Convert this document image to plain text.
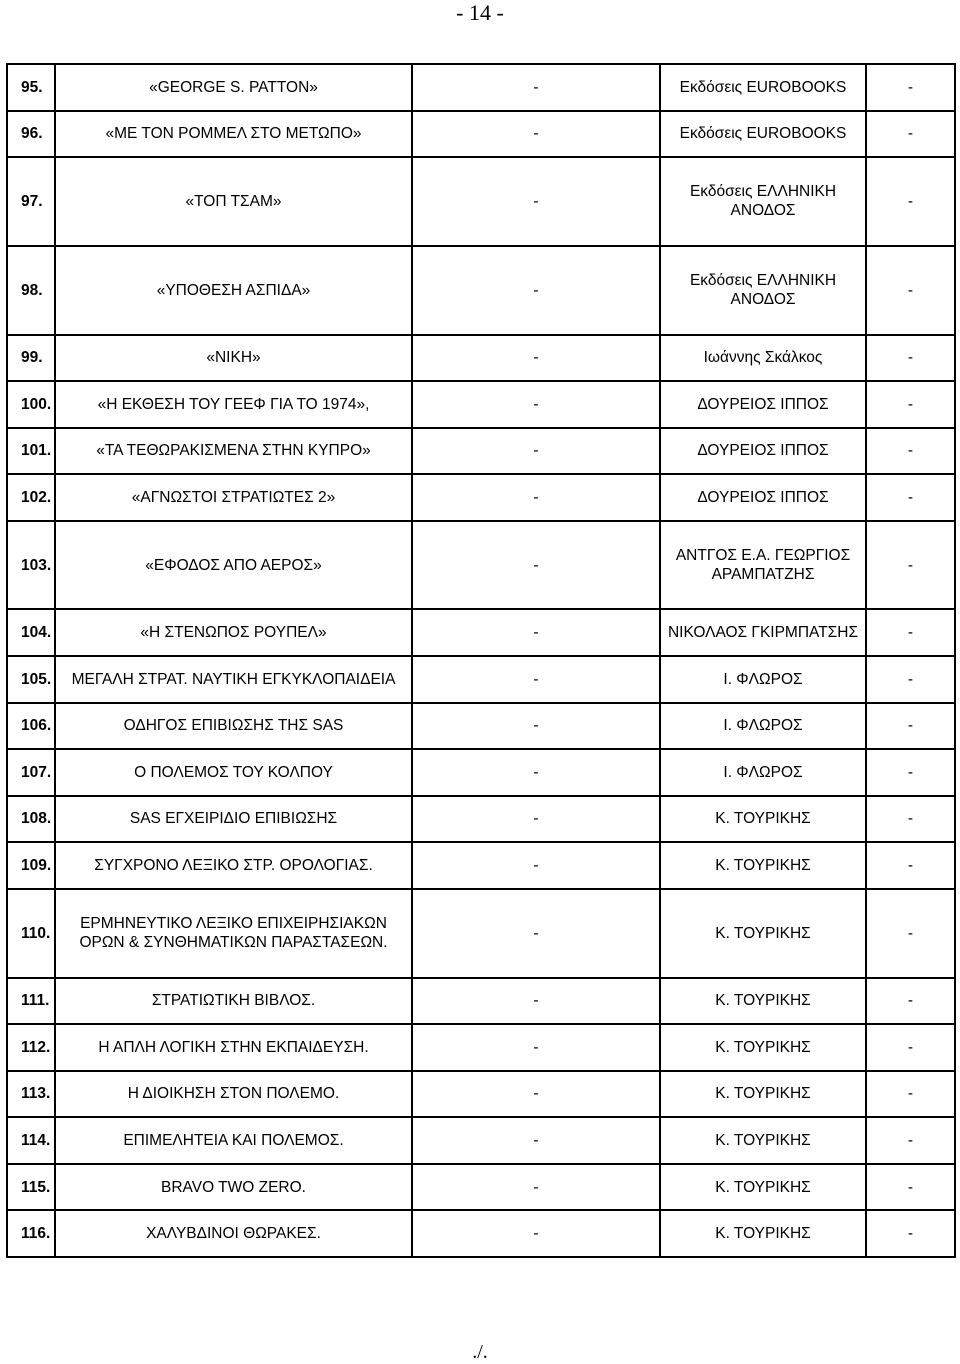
- 14 -
95.	«GEORGE S. PATTON»	-	Εκδόσεις EUROBOOKS	-
96.	«ΜΕ ΤΟΝ ΡΟΜΜΕΛ ΣΤΟ ΜΕΤΩΠΟ»	-	Εκδόσεις EUROBOOKS	-
97.	«ΤΟΠ ΤΣΑΜ»	-	Εκδόσεις ΕΛΛΗΝΙΚΗ ΑΝΟΔΟΣ	-
98.	«ΥΠΟΘΕΣΗ ΑΣΠΙΔΑ»	-	Εκδόσεις ΕΛΛΗΝΙΚΗ ΑΝΟΔΟΣ	-
99.	«ΝΙΚΗ»	-	Ιωάννης Σκάλκος	-
100.	«Η ΕΚΘΕΣΗ ΤΟΥ ΓΕΕΦ ΓΙΑ ΤΟ 1974»,	-	ΔΟΥΡΕΙΟΣ ΙΠΠΟΣ	-
101.	«ΤΑ ΤΕΘΩΡΑΚΙΣΜΕΝΑ ΣΤΗΝ ΚΥΠΡΟ»	-	ΔΟΥΡΕΙΟΣ ΙΠΠΟΣ	-
102.	«ΑΓΝΩΣΤΟΙ ΣΤΡΑΤΙΩΤΕΣ 2»	-	ΔΟΥΡΕΙΟΣ ΙΠΠΟΣ	-
103.	«ΕΦΟΔΟΣ ΑΠΟ ΑΕΡΟΣ»	-	ΑΝΤΓΟΣ Ε.Α. ΓΕΩΡΓΙΟΣ ΑΡΑΜΠΑΤΖΗΣ	-
104.	«Η ΣΤΕΝΩΠΟΣ ΡΟΥΠΕΛ»	-	ΝΙΚΟΛΑΟΣ ΓΚΙΡΜΠΑΤΣΗΣ	-
105.	ΜΕΓΑΛΗ ΣΤΡΑΤ. ΝΑΥΤΙΚΗ ΕΓΚΥΚΛΟΠΑΙΔΕΙΑ	-	Ι. ΦΛΩΡΟΣ	-
106.	ΟΔΗΓΟΣ ΕΠΙΒΙΩΣΗΣ ΤΗΣ SAS	-	Ι. ΦΛΩΡΟΣ	-
107.	Ο ΠΟΛΕΜΟΣ ΤΟΥ ΚΟΛΠΟΥ	-	Ι. ΦΛΩΡΟΣ	-
108.	SAS ΕΓΧΕΙΡΙΔΙΟ ΕΠΙΒΙΩΣΗΣ	-	Κ. ΤΟΥΡΙΚΗΣ	-
109.	ΣΥΓΧΡΟΝΟ ΛΕΞΙΚΟ ΣΤΡ. ΟΡΟΛΟΓΙΑΣ.	-	Κ. ΤΟΥΡΙΚΗΣ	-
110.	ΕΡΜΗΝΕΥΤΙΚΟ ΛΕΞΙΚΟ ΕΠΙΧΕΙΡΗΣΙΑΚΩΝ ΟΡΩΝ & ΣΥΝΘΗΜΑΤΙΚΩΝ ΠΑΡΑΣΤΑΣΕΩΝ.	-	Κ. ΤΟΥΡΙΚΗΣ	-
111.	ΣΤΡΑΤΙΩΤΙΚΗ ΒΙΒΛΟΣ.	-	Κ. ΤΟΥΡΙΚΗΣ	-
112.	Η ΑΠΛΗ ΛΟΓΙΚΗ ΣΤΗΝ ΕΚΠΑΙΔΕΥΣΗ.	-	Κ. ΤΟΥΡΙΚΗΣ	-
113.	Η ΔΙΟΙΚΗΣΗ ΣΤΟΝ ΠΟΛΕΜΟ.	-	Κ. ΤΟΥΡΙΚΗΣ	-
114.	ΕΠΙΜΕΛΗΤΕΙΑ ΚΑΙ ΠΟΛΕΜΟΣ.	-	Κ. ΤΟΥΡΙΚΗΣ	-
115.	BRAVO TWO ZERO.	-	Κ. ΤΟΥΡΙΚΗΣ	-
116.	ΧΑΛΥΒΔΙΝΟΙ ΘΩΡΑΚΕΣ.	-	Κ. ΤΟΥΡΙΚΗΣ	-
./.
